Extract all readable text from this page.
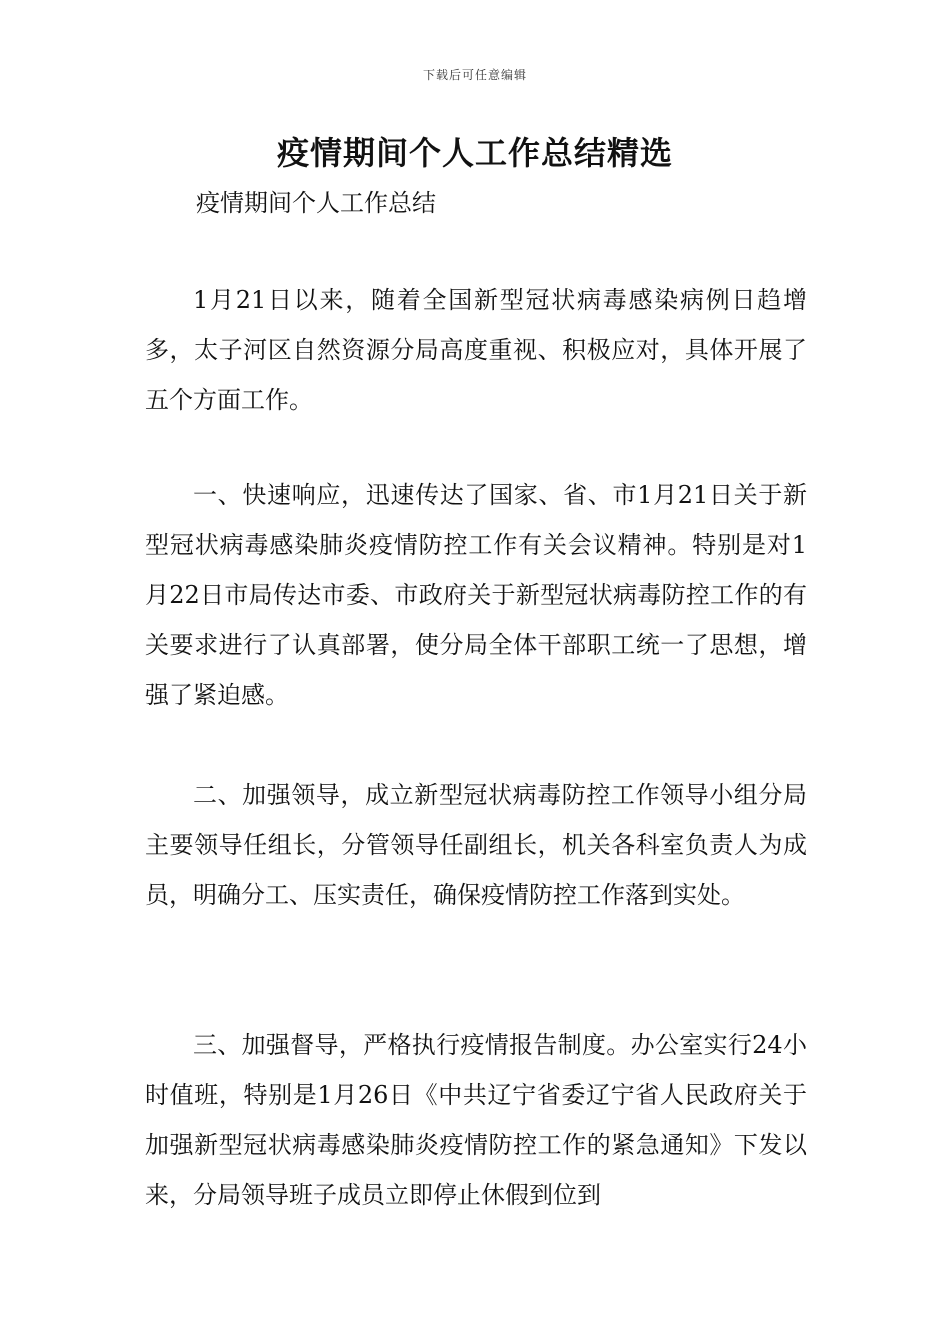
下载后可任意编辑
疫情期间个人工作总结精选

疫情期间个人工作总结

1月21日以来，随着全国新型冠状病毒感染病例日趋增多，太子河区自然资源分局高度重视、积极应对，具体开展了五个方面工作。

一、快速响应，迅速传达了国家、省、市1月21日关于新型冠状病毒感染肺炎疫情防控工作有关会议精神。特别是对1月22日市局传达市委、市政府关于新型冠状病毒防控工作的有关要求进行了认真部署，使分局全体干部职工统一了思想，增强了紧迫感。

二、加强领导，成立新型冠状病毒防控工作领导小组分局主要领导任组长，分管领导任副组长，机关各科室负责人为成员，明确分工、压实责任，确保疫情防控工作落到实处。

三、加强督导，严格执行疫情报告制度。办公室实行24小时值班，特别是1月26日《中共辽宁省委辽宁省人民政府关于加强新型冠状病毒感染肺炎疫情防控工作的紧急通知》下发以来，分局领导班子成员立即停止休假到位到
